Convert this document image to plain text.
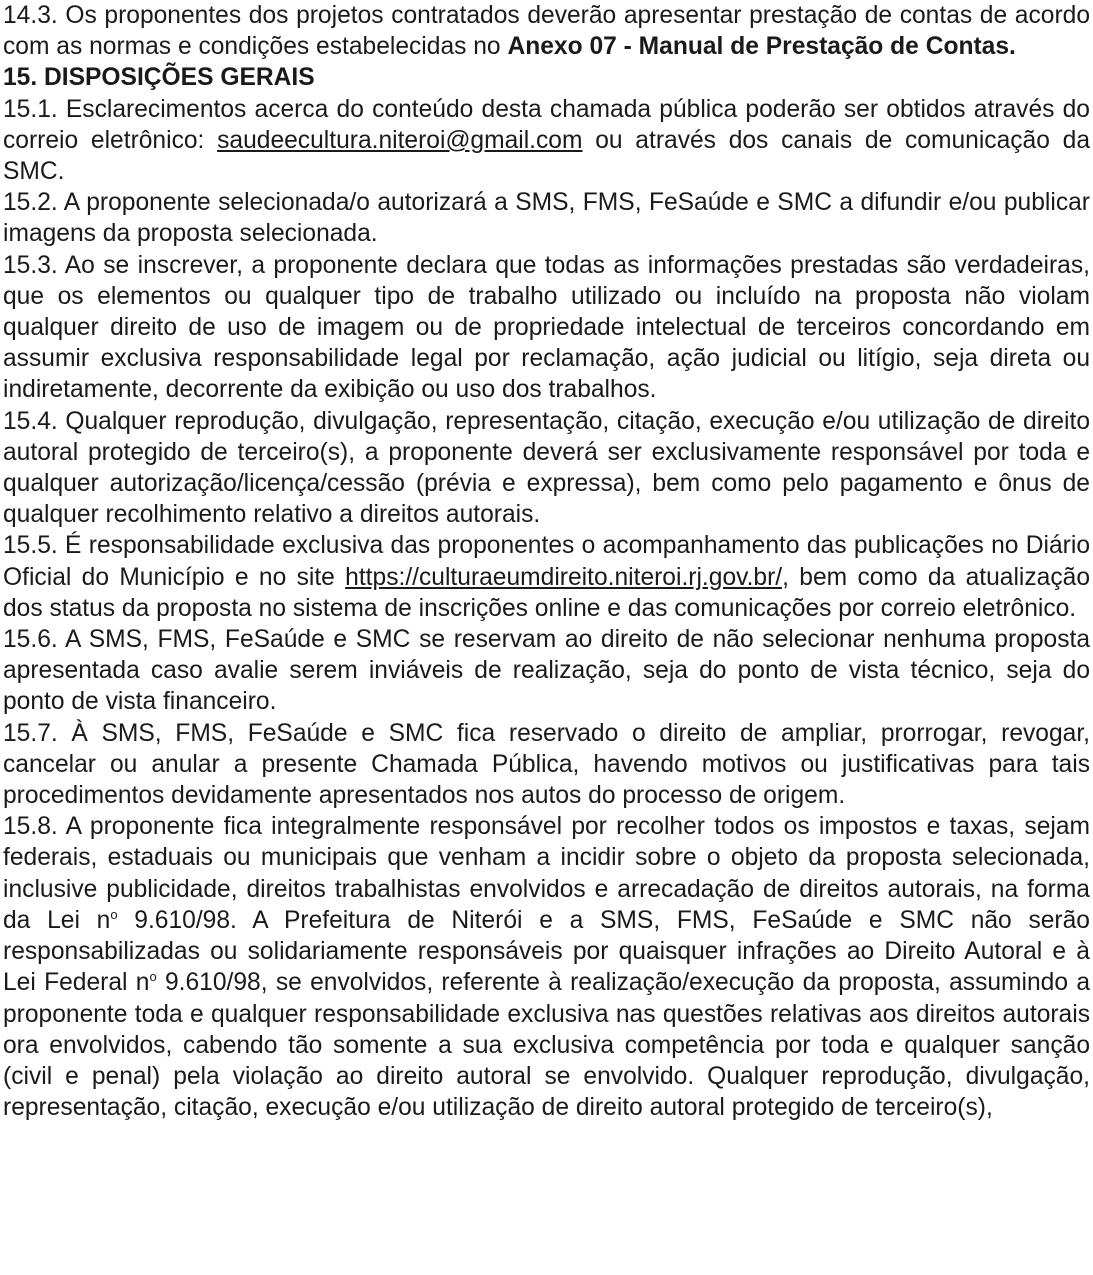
14.3. Os proponentes dos projetos contratados deverão apresentar prestação de contas de acordo com as normas e condições estabelecidas no Anexo 07 - Manual de Prestação de Contas.

15. DISPOSIÇÕES GERAIS

15.1. Esclarecimentos acerca do conteúdo desta chamada pública poderão ser obtidos através do correio eletrônico: saudeecultura.niteroi@gmail.com ou através dos canais de comunicação da SMC.

15.2. A proponente selecionada/o autorizará a SMS, FMS, FeSaúde e SMC a difundir e/ou publicar imagens da proposta selecionada.

15.3. Ao se inscrever, a proponente declara que todas as informações prestadas são verdadeiras, que os elementos ou qualquer tipo de trabalho utilizado ou incluído na proposta não violam qualquer direito de uso de imagem ou de propriedade intelectual de terceiros concordando em assumir exclusiva responsabilidade legal por reclamação, ação judicial ou litígio, seja direta ou indiretamente, decorrente da exibição ou uso dos trabalhos.

15.4. Qualquer reprodução, divulgação, representação, citação, execução e/ou utilização de direito autoral protegido de terceiro(s), a proponente deverá ser exclusivamente responsável por toda e qualquer autorização/licença/cessão (prévia e expressa), bem como pelo pagamento e ônus de qualquer recolhimento relativo a direitos autorais.

15.5. É responsabilidade exclusiva das proponentes o acompanhamento das publicações no Diário Oficial do Município e no site https://culturaeumdireito.niteroi.rj.gov.br/, bem como da atualização dos status da proposta no sistema de inscrições online e das comunicações por correio eletrônico.

15.6. A SMS, FMS, FeSaúde e SMC se reservam ao direito de não selecionar nenhuma proposta apresentada caso avalie serem inviáveis de realização, seja do ponto de vista técnico, seja do ponto de vista financeiro.

15.7. À SMS, FMS, FeSaúde e SMC fica reservado o direito de ampliar, prorrogar, revogar, cancelar ou anular a presente Chamada Pública, havendo motivos ou justificativas para tais procedimentos devidamente apresentados nos autos do processo de origem.

15.8. A proponente fica integralmente responsável por recolher todos os impostos e taxas, sejam federais, estaduais ou municipais que venham a incidir sobre o objeto da proposta selecionada, inclusive publicidade, direitos trabalhistas envolvidos e arrecadação de direitos autorais, na forma da Lei $n^o$ 9.610/98. A Prefeitura de Niterói e a SMS, FMS, FeSaúde e SMC não serão responsabilizadas ou solidariamente responsáveis por quaisquer infrações ao Direito Autoral e à Lei Federal $n^o$ 9.610/98, se envolvidos, referente à realização/execução da proposta, assumindo a proponente toda e qualquer responsabilidade exclusiva nas questões relativas aos direitos autorais ora envolvidos, cabendo tão somente a sua exclusiva competência por toda e qualquer sanção (civil e penal) pela violação ao direito autoral se envolvido. Qualquer reprodução, divulgação, representação, citação, execução e/ou utilização de direito autoral protegido de terceiro(s),
